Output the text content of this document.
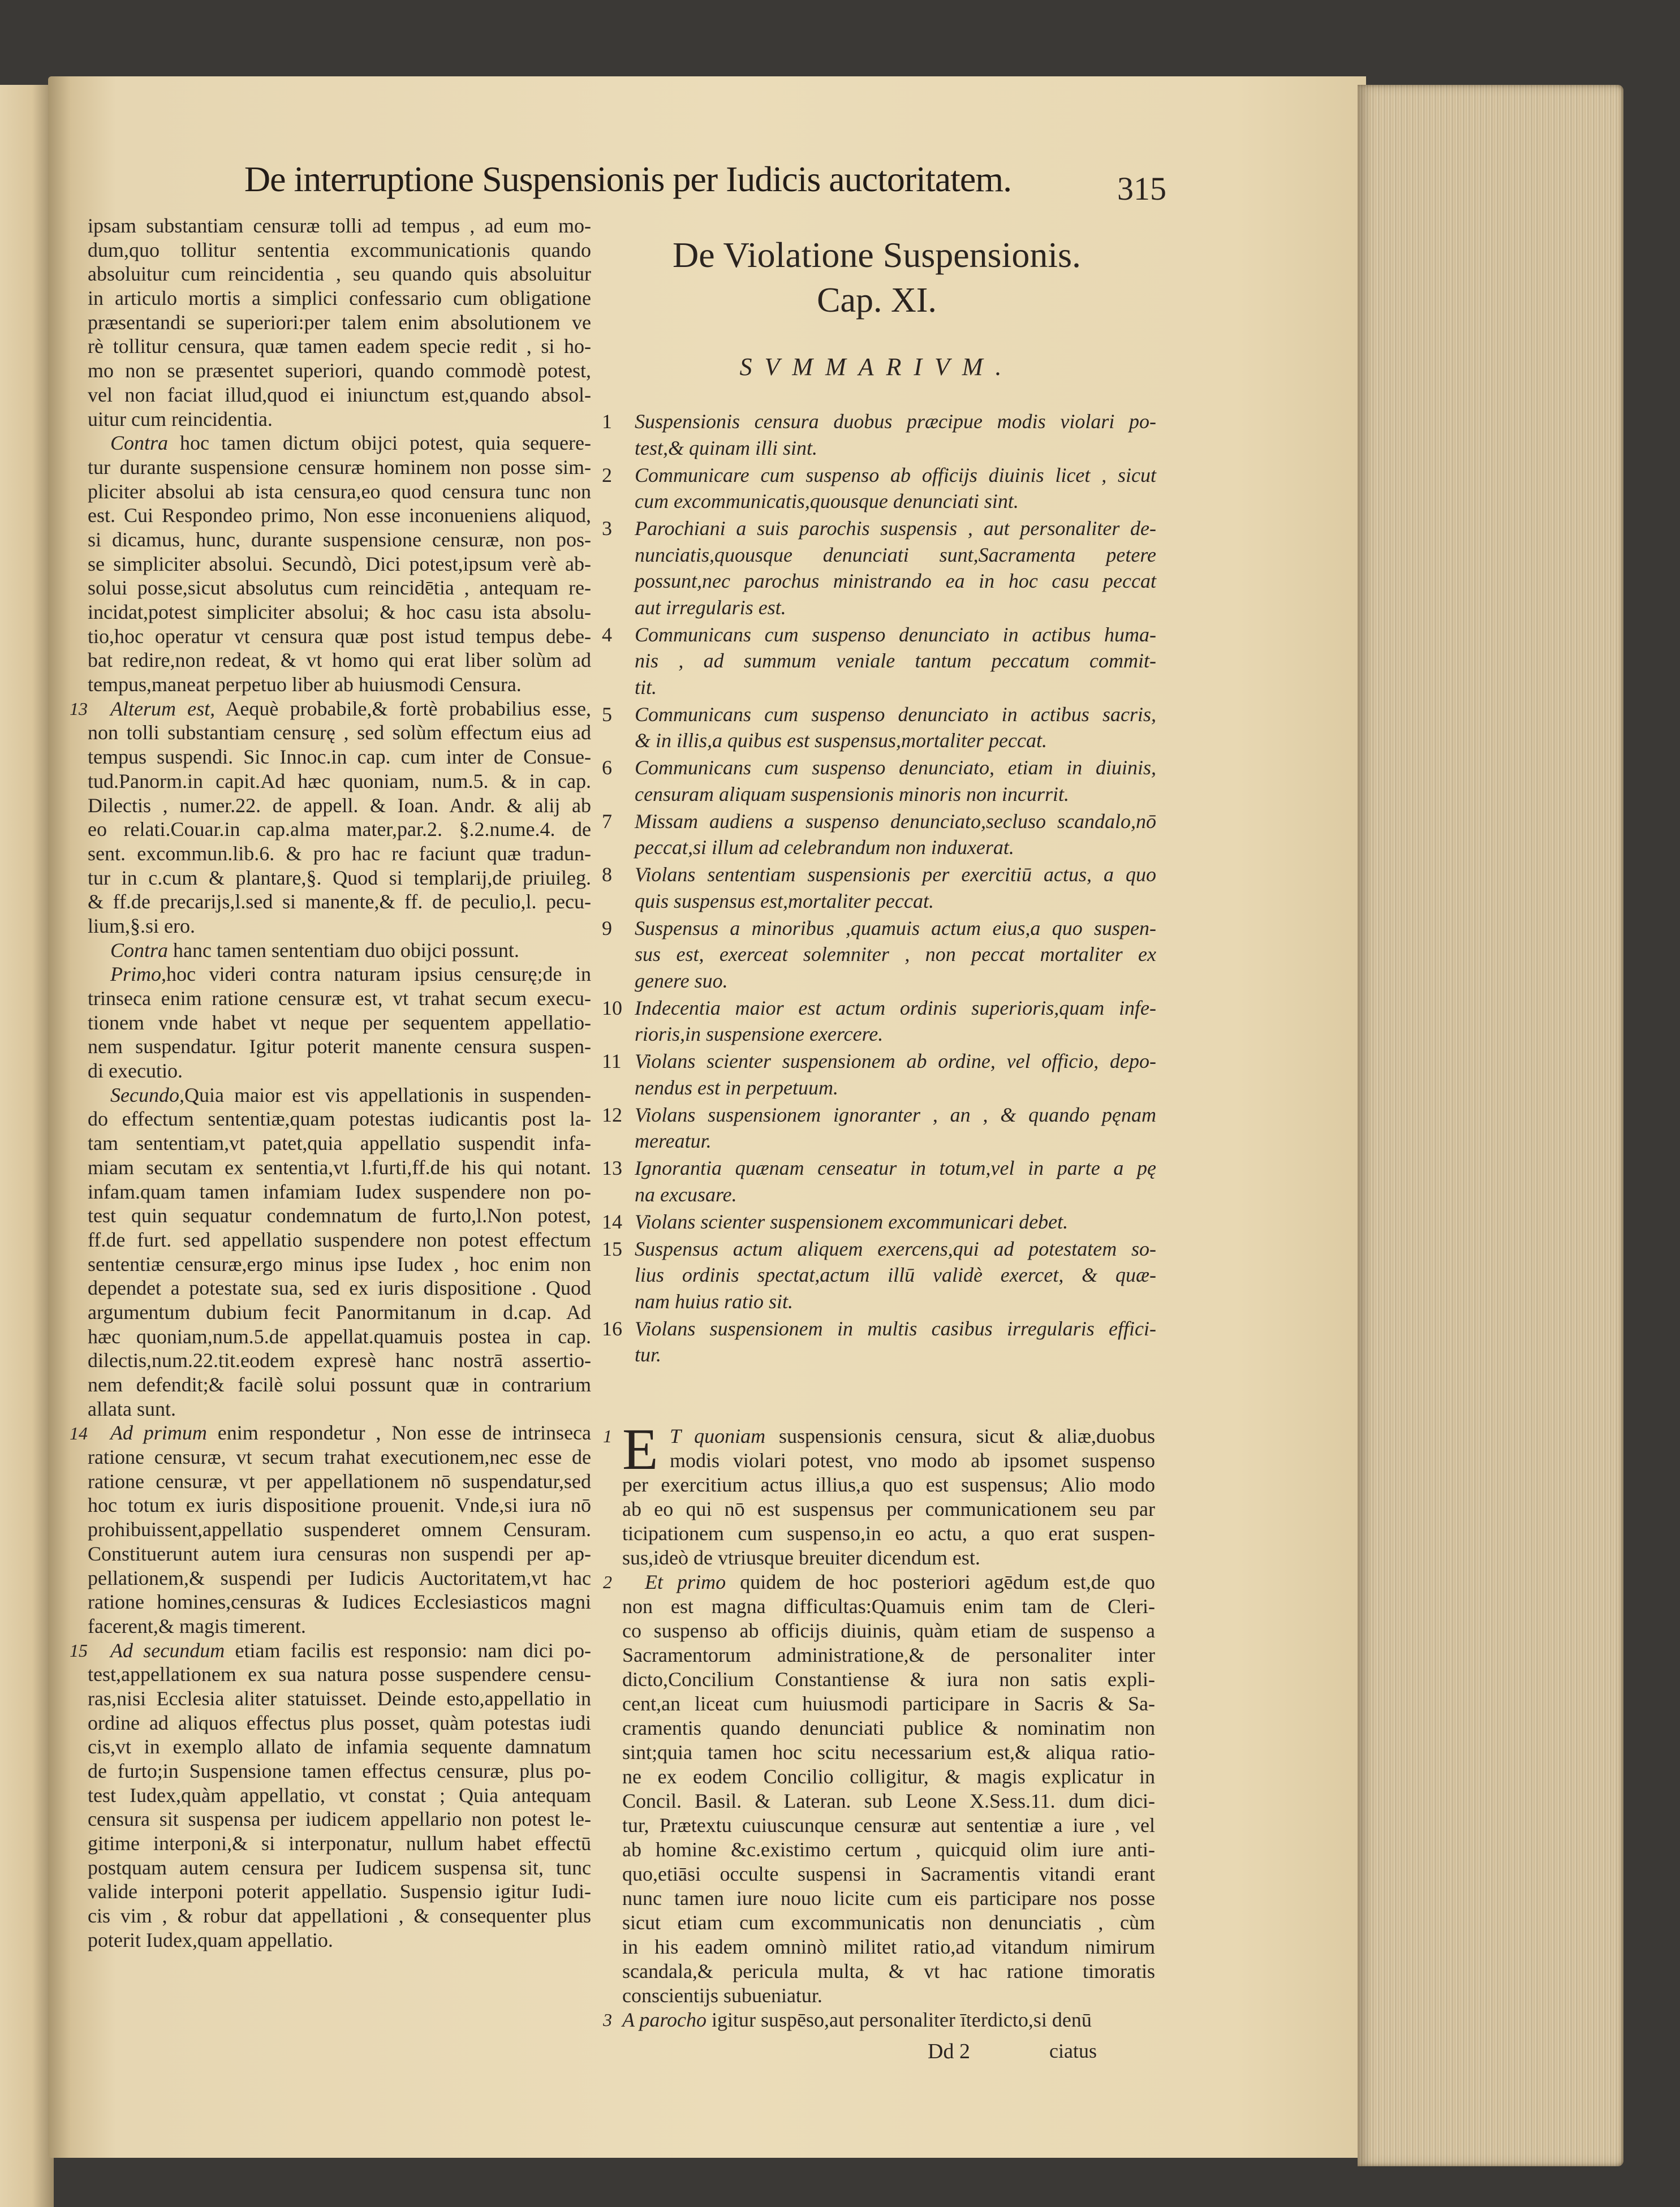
De interruptione Suspensionis per Iudicis auctoritatem.	315
ipsam substantiam censuræ tolli ad tempus , ad eum mo-
dum,quo tollitur sententia excommunicationis quando
absoluitur cum reincidentia , seu quando quis absoluitur
in articulo mortis a simplici confessario cum obligatione
præsentandi se superiori:per talem enim absolutionem ve
rè tollitur censura, quæ tamen eadem specie redit , si ho-
mo non se præsentet superiori, quando commodè potest,
vel non faciat illud,quod ei iniunctum est,quando absol-
uitur cum reincidentia.
Contra hoc tamen dictum obijci potest, quia sequere-
tur durante suspensione censuræ hominem non posse sim-
pliciter absolui ab ista censura,eo quod censura tunc non
est. Cui Respondeo primo, Non esse inconueniens aliquod,
si dicamus, hunc, durante suspensione censuræ, non pos-
se simpliciter absolui. Secundò, Dici potest,ipsum verè ab-
solui posse,sicut absolutus cum reincidētia , antequam re-
incidat,potest simpliciter absolui; & hoc casu ista absolu-
tio,hoc operatur vt censura quæ post istud tempus debe-
bat redire,non redeat, & vt homo qui erat liber solùm ad
tempus,maneat perpetuo liber ab huiusmodi Censura.
13	Alterum est, Aequè probabile,& fortè probabilius esse,
non tolli substantiam censurę , sed solùm effectum eius ad
tempus suspendi. Sic Innoc.in cap. cum inter de Consue-
tud.Panorm.in capit.Ad hæc quoniam, num.5. & in cap.
Dilectis , numer.22. de appell. & Ioan. Andr. & alij ab
eo relati.Couar.in cap.alma mater,par.2. §.2.nume.4. de
sent. excommun.lib.6. & pro hac re faciunt quæ tradun-
tur in c.cum & plantare,§. Quod si templarij,de priuileg.
& ff.de precarijs,l.sed si manente,& ff. de peculio,l. pecu-
lium,§.si ero.
Contra hanc tamen sententiam duo obijci possunt.
Primo,hoc videri contra naturam ipsius censurę;de in
trinseca enim ratione censuræ est, vt trahat secum execu-
tionem vnde habet vt neque per sequentem appellatio-
nem suspendatur. Igitur poterit manente censura suspen-
di executio.
Secundo,Quia maior est vis appellationis in suspenden-
do effectum sententiæ,quam potestas iudicantis post la-
tam sententiam,vt patet,quia appellatio suspendit infa-
miam secutam ex sententia,vt l.furti,ff.de his qui notant.
infam.quam tamen infamiam Iudex suspendere non po-
test quin sequatur condemnatum de furto,l.Non potest,
ff.de furt. sed appellatio suspendere non potest effectum
sententiæ censuræ,ergo minus ipse Iudex , hoc enim non
dependet a potestate sua, sed ex iuris dispositione . Quod
argumentum dubium fecit Panormitanum in d.cap. Ad
hæc quoniam,num.5.de appellat.quamuis postea in cap.
dilectis,num.22.tit.eodem expresè hanc nostrā assertio-
nem defendit;& facilè solui possunt quæ in contrarium
allata sunt.
14	Ad primum enim respondetur , Non esse de intrinseca
ratione censuræ, vt secum trahat executionem,nec esse de
ratione censuræ, vt per appellationem nō suspendatur,sed
hoc totum ex iuris dispositione prouenit. Vnde,si iura nō
prohibuissent,appellatio suspenderet omnem Censuram.
Constituerunt autem iura censuras non suspendi per ap-
pellationem,& suspendi per Iudicis Auctoritatem,vt hac
ratione homines,censuras & Iudices Ecclesiasticos magni
facerent,& magis timerent.
15	Ad secundum etiam facilis est responsio: nam dici po-
test,appellationem ex sua natura posse suspendere censu-
ras,nisi Ecclesia aliter statuisset. Deinde esto,appellatio in
ordine ad aliquos effectus plus posset, quàm potestas iudi
cis,vt in exemplo allato de infamia sequente damnatum
de furto;in Suspensione tamen effectus censuræ, plus po-
test Iudex,quàm appellatio, vt constat ; Quia antequam
censura sit suspensa per iudicem appellario non potest le-
gitime interponi,& si interponatur, nullum habet effectū
postquam autem censura per Iudicem suspensa sit, tunc
valide interponi poterit appellatio. Suspensio igitur Iudi-
cis vim , & robur dat appellationi , & consequenter plus
poterit Iudex,quam appellatio.
De Violatione Suspensionis.
Cap. XI.
SVMMARIVM.
1 Suspensionis censura duobus præcipue modis violari po-
test,& quinam illi sint.
2 Communicare cum suspenso ab officijs diuinis licet , sicut
cum excommunicatis,quousque denunciati sint.
3 Parochiani a suis parochis suspensis , aut personaliter de-
nunciatis,quousque denunciati sunt,Sacramenta petere
possunt,nec parochus ministrando ea in hoc casu peccat
aut irregularis est.
4 Communicans cum suspenso denunciato in actibus huma-
nis , ad summum veniale tantum peccatum commit-
tit.
5 Communicans cum suspenso denunciato in actibus sacris,
& in illis,a quibus est suspensus,mortaliter peccat.
6 Communicans cum suspenso denunciato, etiam in diuinis,
censuram aliquam suspensionis minoris non incurrit.
7 Missam audiens a suspenso denunciato,secluso scandalo,nō
peccat,si illum ad celebrandum non induxerat.
8 Violans sententiam suspensionis per exercitiū actus, a quo
quis suspensus est,mortaliter peccat.
9 Suspensus a minoribus ,quamuis actum eius,a quo suspen-
sus est, exerceat solemniter , non peccat mortaliter ex
genere suo.
10 Indecentia maior est actum ordinis superioris,quam infe-
rioris,in suspensione exercere.
11 Violans scienter suspensionem ab ordine, vel officio, depo-
nendus est in perpetuum.
12 Violans suspensionem ignoranter , an , & quando pęnam
mereatur.
13 Ignorantia quænam censeatur in totum,vel in parte a pę
na excusare.
14 Violans scienter suspensionem excommunicari debet.
15 Suspensus actum aliquem exercens,qui ad potestatem so-
lius ordinis spectat,actum illū validè exercet, & quæ-
nam huius ratio sit.
16 Violans suspensionem in multis casibus irregularis effici-
tur.
E
1	T quoniam suspensionis censura, sicut & aliæ,duobus
modis violari potest, vno modo ab ipsomet suspenso
per exercitium actus illius,a quo est suspensus; Alio modo
ab eo qui nō est suspensus per communicationem seu par
ticipationem cum suspenso,in eo actu, a quo erat suspen-
sus,ideò de vtriusque breuiter dicendum est.
2	Et primo quidem de hoc posteriori agēdum est,de quo
non est magna difficultas:Quamuis enim tam de Cleri-
co suspenso ab officijs diuinis, quàm etiam de suspenso a
Sacramentorum administratione,& de personaliter inter
dicto,Concilium Constantiense & iura non satis expli-
cent,an liceat cum huiusmodi participare in Sacris & Sa-
cramentis quando denunciati publice & nominatim non
sint;quia tamen hoc scitu necessarium est,& aliqua ratio-
ne ex eodem Concilio colligitur, & magis explicatur in
Concil. Basil. & Lateran. sub Leone X.Sess.11. dum dici-
tur, Prætextu cuiuscunque censuræ aut sententiæ a iure , vel
ab homine &c.existimo certum , quicquid olim iure anti-
quo,etiāsi occulte suspensi in Sacramentis vitandi erant
nunc tamen iure nouo licite cum eis participare nos posse
sicut etiam cum excommunicatis non denunciatis , cùm
in his eadem omninò militet ratio,ad vitandum nimirum
scandala,& pericula multa, & vt hac ratione timoratis
conscientijs subueniatur.
3 A parocho igitur suspēso,aut personaliter īterdicto,si denū
Dd 2	ciatus
